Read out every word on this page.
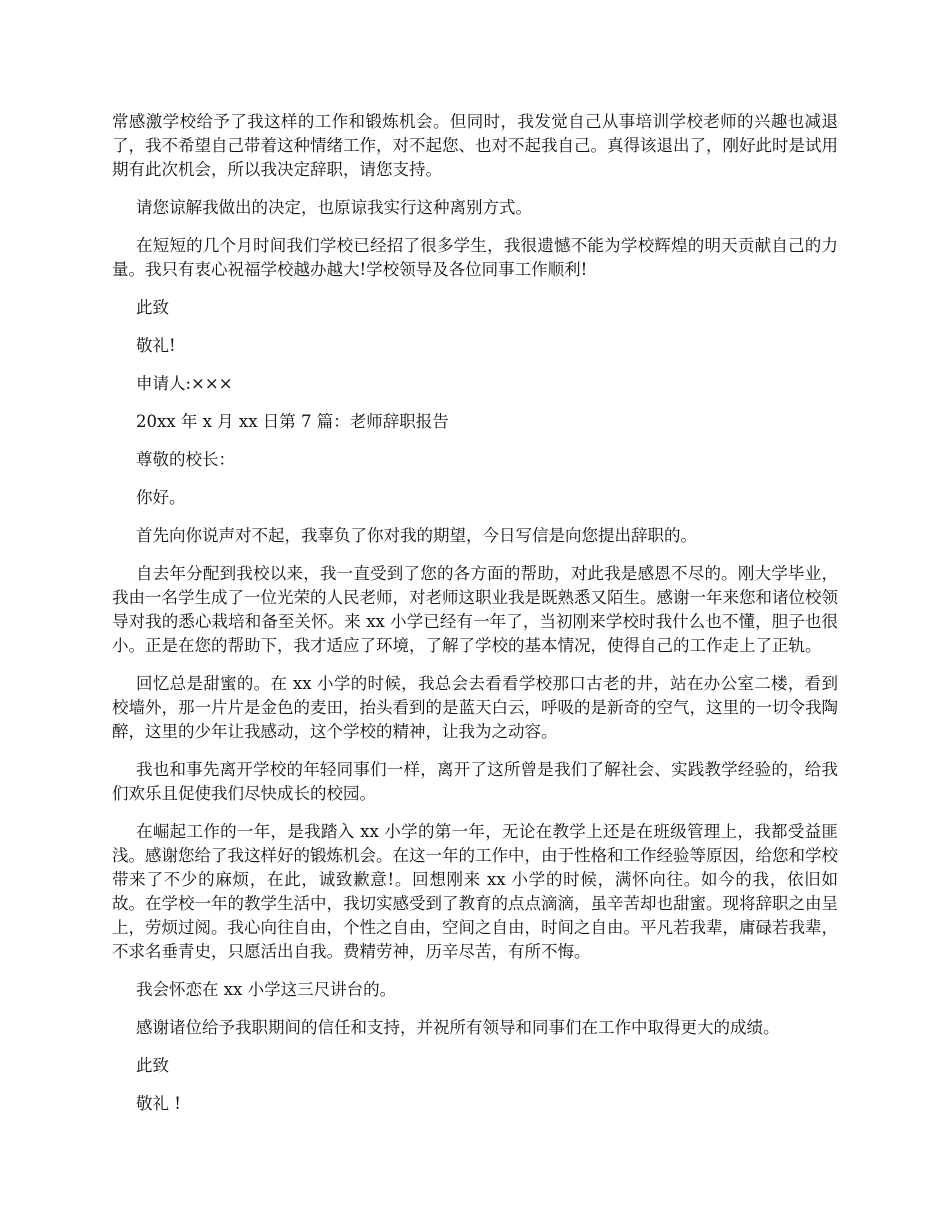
常感激学校给予了我这样的工作和锻炼机会。但同时，我发觉自己从事培训学校老师的兴趣也减退了，我不希望自己带着这种情绪工作，对不起您、也对不起我自己。真得该退出了，刚好此时是试用期有此次机会，所以我决定辞职，请您支持。

请您谅解我做出的决定，也原谅我实行这种离别方式。

在短短的几个月时间我们学校已经招了很多学生，我很遗憾不能为学校辉煌的明天贡献自己的力量。我只有衷心祝福学校越办越大!学校领导及各位同事工作顺利!

此致

敬礼!

申请人:×××

20xx 年 x 月 xx 日第 7 篇：老师辞职报告

尊敬的校长：

你好。

首先向你说声对不起，我辜负了你对我的期望，今日写信是向您提出辞职的。

自去年分配到我校以来，我一直受到了您的各方面的帮助，对此我是感恩不尽的。刚大学毕业，我由一名学生成了一位光荣的人民老师，对老师这职业我是既熟悉又陌生。感谢一年来您和诸位校领导对我的悉心栽培和备至关怀。来 xx 小学已经有一年了，当初刚来学校时我什么也不懂，胆子也很小。正是在您的帮助下，我才适应了环境，了解了学校的基本情况，使得自己的工作走上了正轨。

回忆总是甜蜜的。在 xx 小学的时候，我总会去看看学校那口古老的井，站在办公室二楼，看到校墙外，那一片片是金色的麦田，抬头看到的是蓝天白云，呼吸的是新奇的空气，这里的一切令我陶醉，这里的少年让我感动，这个学校的精神，让我为之动容。

我也和事先离开学校的年轻同事们一样，离开了这所曾是我们了解社会、实践教学经验的，给我们欢乐且促使我们尽快成长的校园。

在崛起工作的一年，是我踏入 xx 小学的第一年，无论在教学上还是在班级管理上，我都受益匪浅。感谢您给了我这样好的锻炼机会。在这一年的工作中，由于性格和工作经验等原因，给您和学校带来了不少的麻烦，在此，诚致歉意!。回想刚来 xx 小学的时候，满怀向往。如今的我，依旧如故。在学校一年的教学生活中，我切实感受到了教育的点点滴滴，虽辛苦却也甜蜜。现将辞职之由呈上，劳烦过阅。我心向往自由，个性之自由，空间之自由，时间之自由。平凡若我辈，庸碌若我辈，不求名垂青史，只愿活出自我。费精劳神，历辛尽苦，有所不悔。

我会怀恋在 xx 小学这三尺讲台的。

感谢诸位给予我职期间的信任和支持，并祝所有领导和同事们在工作中取得更大的成绩。

此致

敬礼 !
